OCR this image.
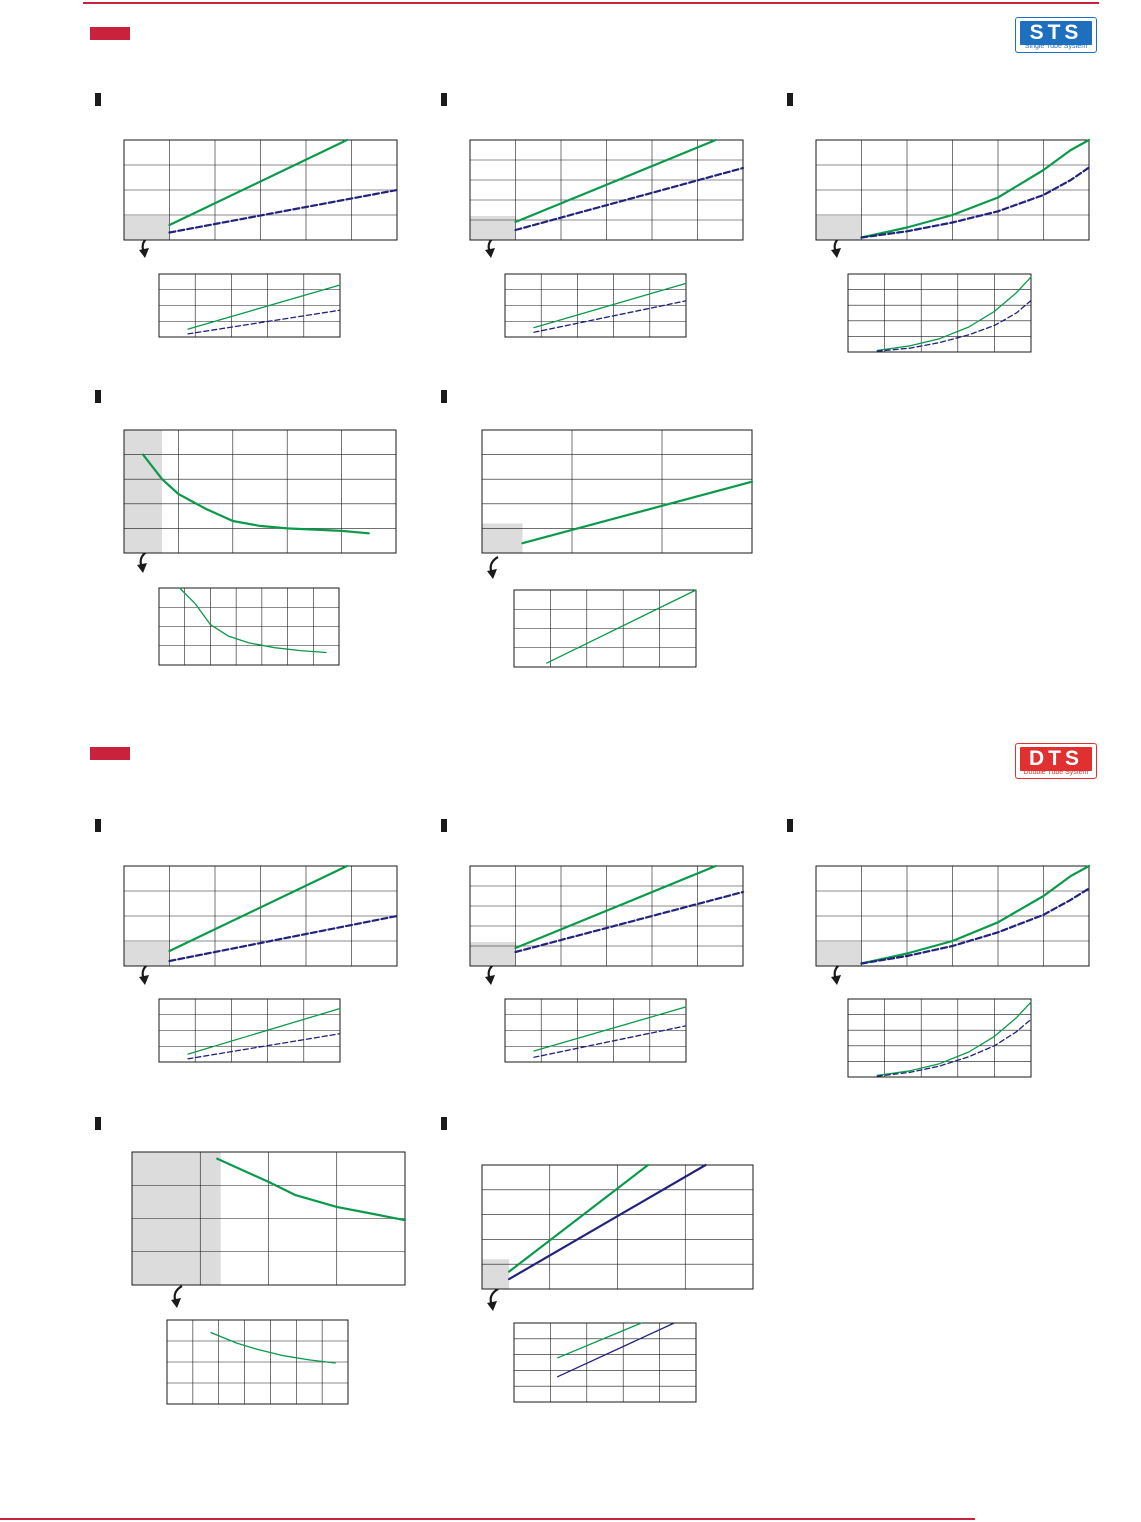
STS
Single Tube System
DTS
Double Tube System
